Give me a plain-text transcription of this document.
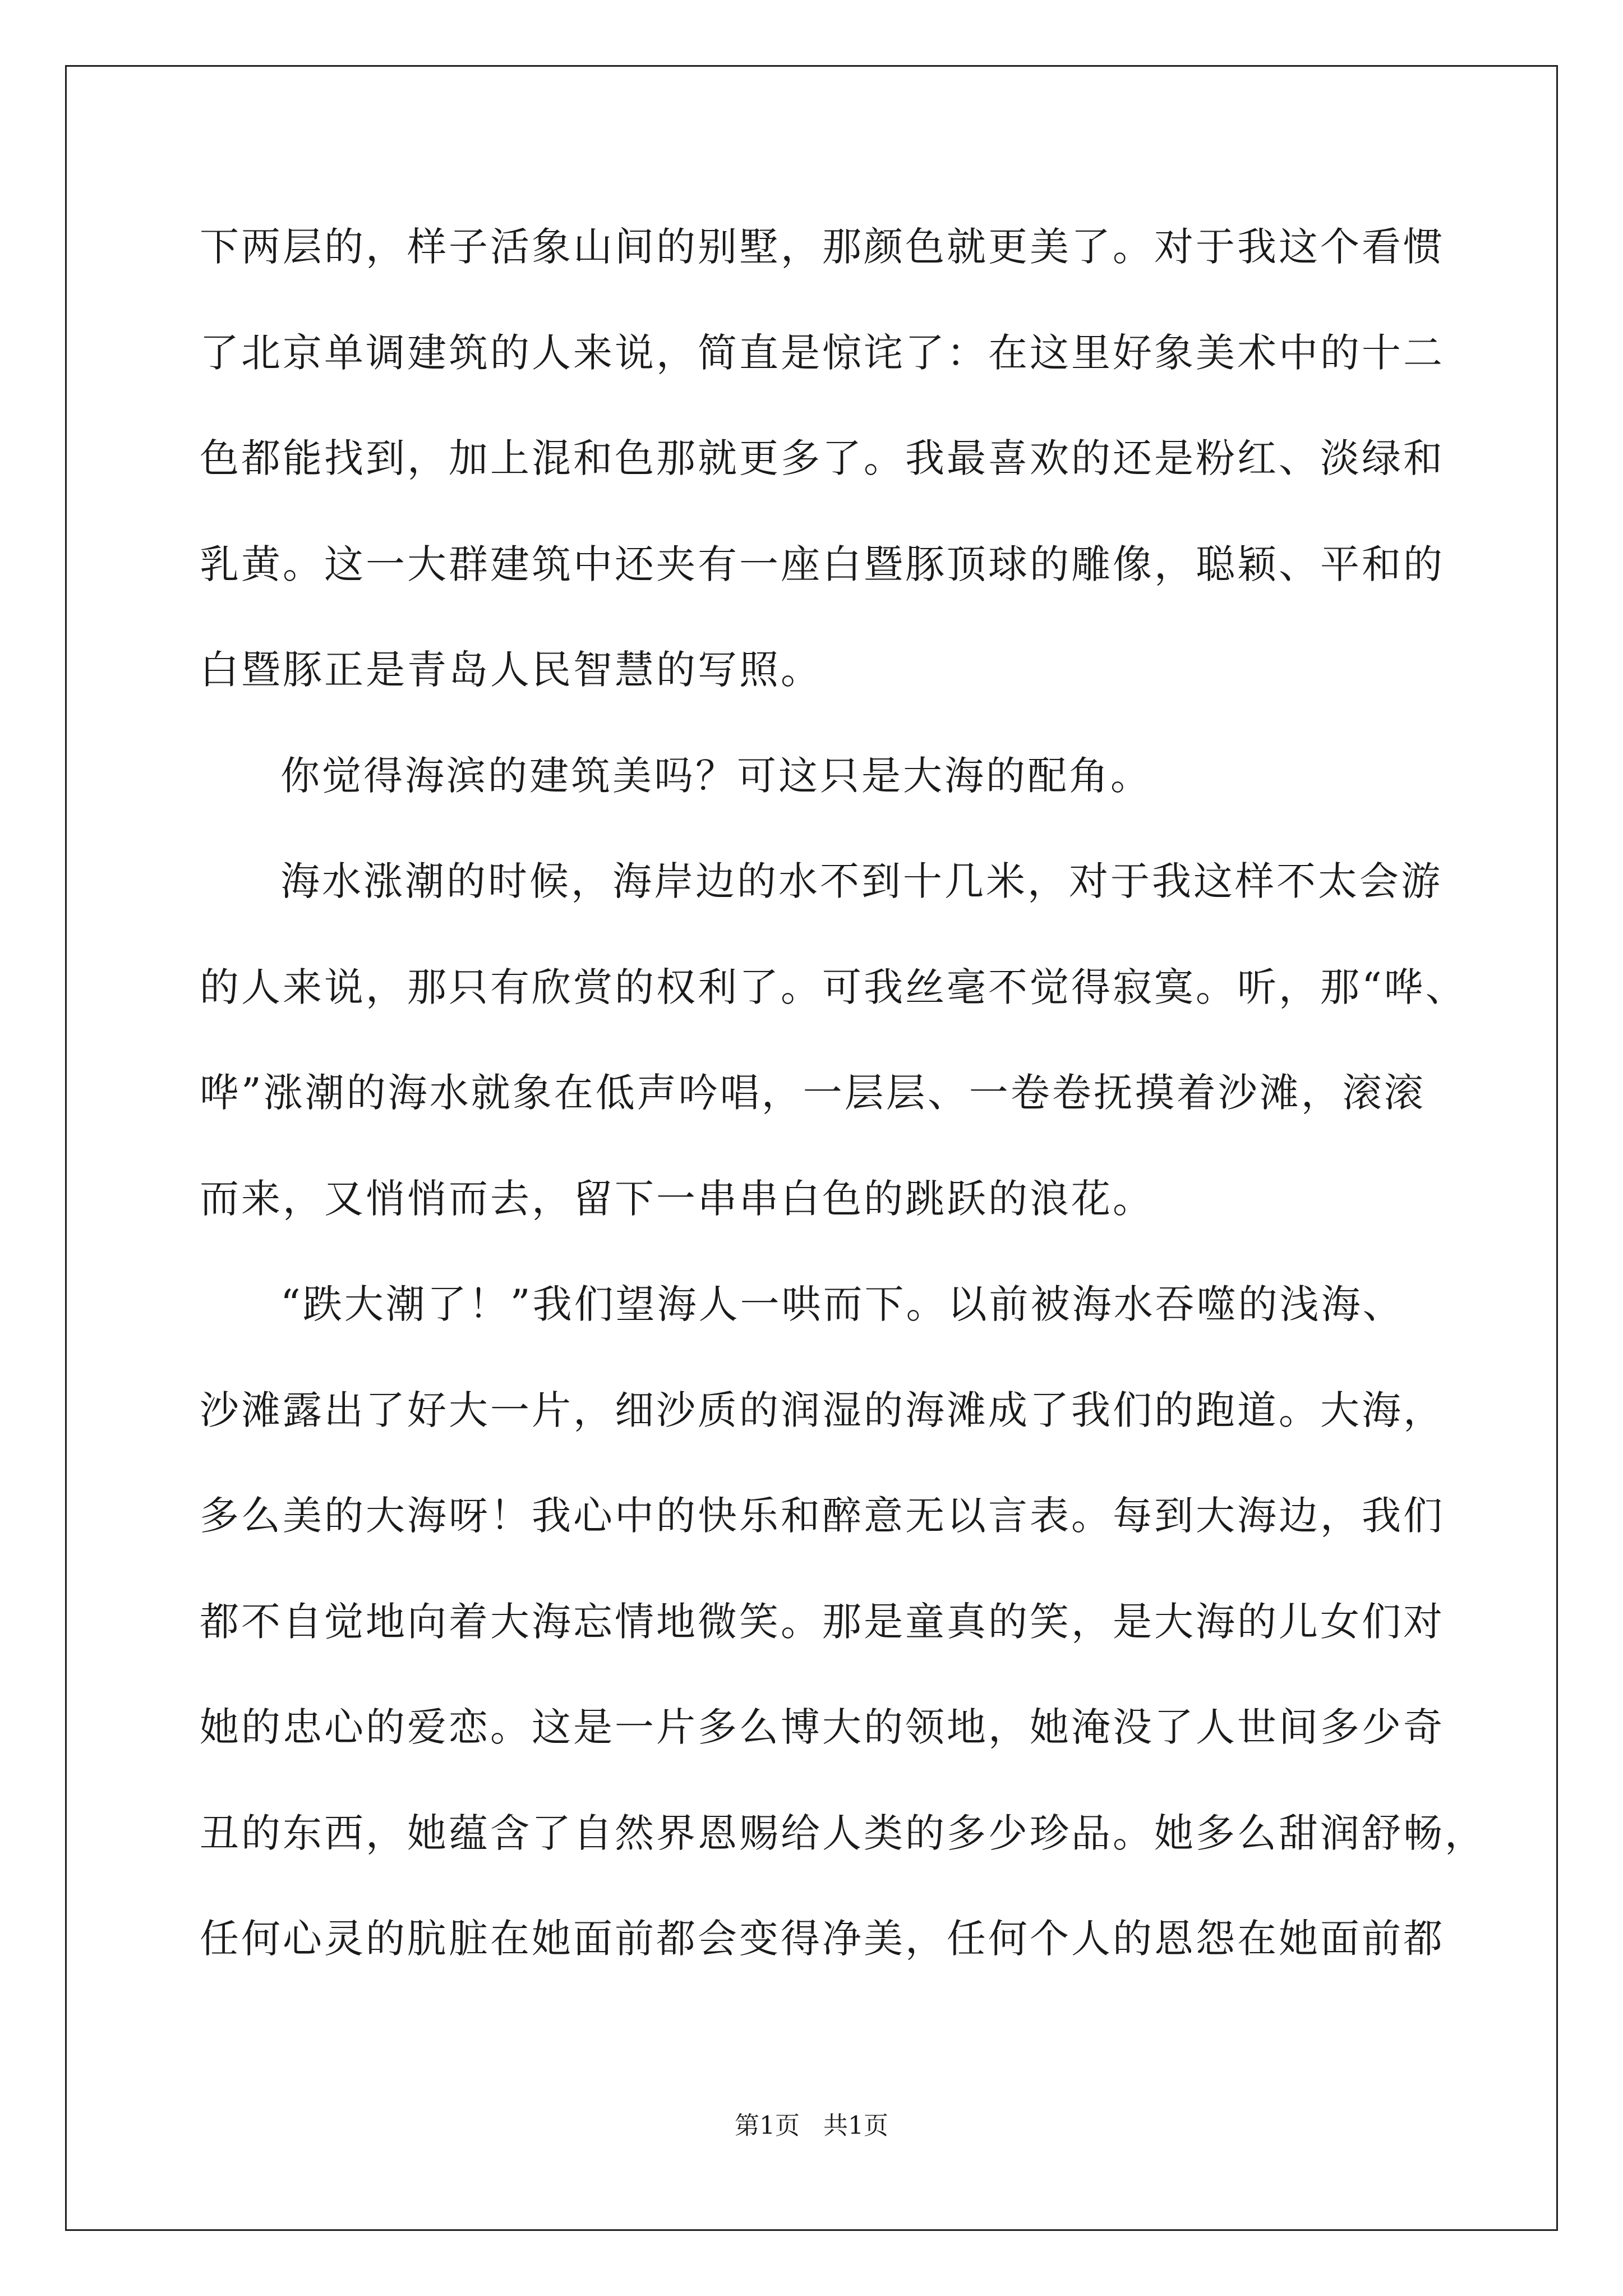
下两层的，样子活象山间的别墅，那颜色就更美了。对于我这个看惯
了北京单调建筑的人来说，简直是惊诧了：在这里好象美术中的十二
色都能找到，加上混和色那就更多了。我最喜欢的还是粉红、淡绿和
乳黄。这一大群建筑中还夹有一座白暨豚顶球的雕像，聪颖、平和的
白暨豚正是青岛人民智慧的写照。
你觉得海滨的建筑美吗？可这只是大海的配角。
海水涨潮的时候，海岸边的水不到十几米，对于我这样不太会游
的人来说，那只有欣赏的权利了。可我丝毫不觉得寂寞。听，那“哗、
哗”涨潮的海水就象在低声吟唱，一层层、一卷卷抚摸着沙滩，滚滚
而来，又悄悄而去，留下一串串白色的跳跃的浪花。
“跌大潮了！”我们望海人一哄而下。以前被海水吞噬的浅海、
沙滩露出了好大一片，细沙质的润湿的海滩成了我们的跑道。大海，
多么美的大海呀！我心中的快乐和醉意无以言表。每到大海边，我们
都不自觉地向着大海忘情地微笑。那是童真的笑，是大海的儿女们对
她的忠心的爱恋。这是一片多么博大的领地，她淹没了人世间多少奇
丑的东西，她蕴含了自然界恩赐给人类的多少珍品。她多么甜润舒畅，
任何心灵的肮脏在她面前都会变得净美，任何个人的恩怨在她面前都
第1页   共1页
